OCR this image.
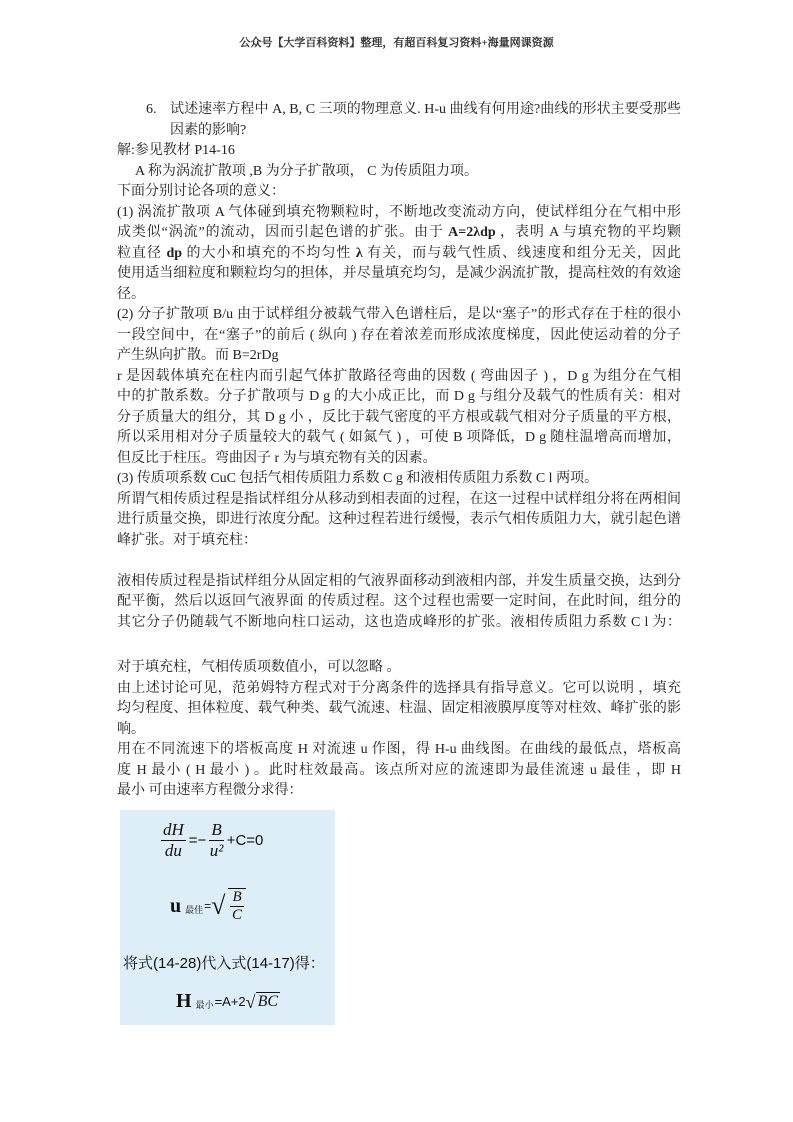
公众号【大学百科资料】整理，有超百科复习资料+海量网课资源
6. 试述速率方程中 A, B, C 三项的物理意义. H-u 曲线有何用途?曲线的形状主要受那些
因素的影响?
解:参见教材 P14-16
A 称为涡流扩散项 ,B 为分子扩散项， C 为传质阻力项。
下面分别讨论各项的意义：
(1) 涡流扩散项 A 气体碰到填充物颗粒时，不断地改变流动方向，使试样组分在气相中形
成类似“涡流”的流动，因而引起色谱的扩张。由于 A=2λdp ，表明 A 与填充物的平均颗
粒直径 dp 的大小和填充的不均匀性 λ 有关，而与载气性质、线速度和组分无关，因此
使用适当细粒度和颗粒均匀的担体，并尽量填充均匀，是减少涡流扩散，提高柱效的有效途
径。
(2) 分子扩散项 B/u 由于试样组分被载气带入色谱柱后，是以“塞子”的形式存在于柱的很小
一段空间中，在“塞子”的前后 ( 纵向 ) 存在着浓差而形成浓度梯度，因此使运动着的分子
产生纵向扩散。而 B=2rDg
r 是因载体填充在柱内而引起气体扩散路径弯曲的因数 ( 弯曲因子 ) ，D g 为组分在气相
中的扩散系数。分子扩散项与 D g 的大小成正比，而 D g 与组分及载气的性质有关：相对
分子质量大的组分，其 D g 小 ，反比于载气密度的平方根或载气相对分子质量的平方根，
所以采用相对分子质量较大的载气 ( 如氮气 ) ，可使 B 项降低，D g 随柱温增高而增加，
但反比于柱压。弯曲因子 r 为与填充物有关的因素。
(3) 传质项系数 CuC 包括气相传质阻力系数 C g 和液相传质阻力系数 C l 两项。
所谓气相传质过程是指试样组分从移动到相表面的过程，在这一过程中试样组分将在两相间
进行质量交换，即进行浓度分配。这种过程若进行缓慢，表示气相传质阻力大，就引起色谱
峰扩张。对于填充柱：
液相传质过程是指试样组分从固定相的气液界面移动到液相内部，并发生质量交换，达到分
配平衡，然后以返回气液界面 的传质过程。这个过程也需要一定时间，在此时间，组分的
其它分子仍随载气不断地向柱口运动，这也造成峰形的扩张。液相传质阻力系数 C l 为：
对于填充柱，气相传质项数值小，可以忽略 。
由上述讨论可见，范弟姆特方程式对于分离条件的选择具有指导意义。它可以说明 ，填充
均匀程度、担体粒度、载气种类、载气流速、柱温、固定相液膜厚度等对柱效、峰扩张的影
响。
用在不同流速下的塔板高度 H 对流速 u 作图，得 H-u 曲线图。在曲线的最低点，塔板高
度 H 最小 ( H 最小 ) 。此时柱效最高。该点所对应的流速即为最佳流速 u 最佳 ，即 H
最小 可由速率方程微分求得：
$\frac{dH}{du} =- \frac{B}{\text{u²}} +C=0$
u 最佳 = √ $\frac{B}{C}$
将式(14-28)代入式(14-17)得：
H 最小 =A+2 √ BC
